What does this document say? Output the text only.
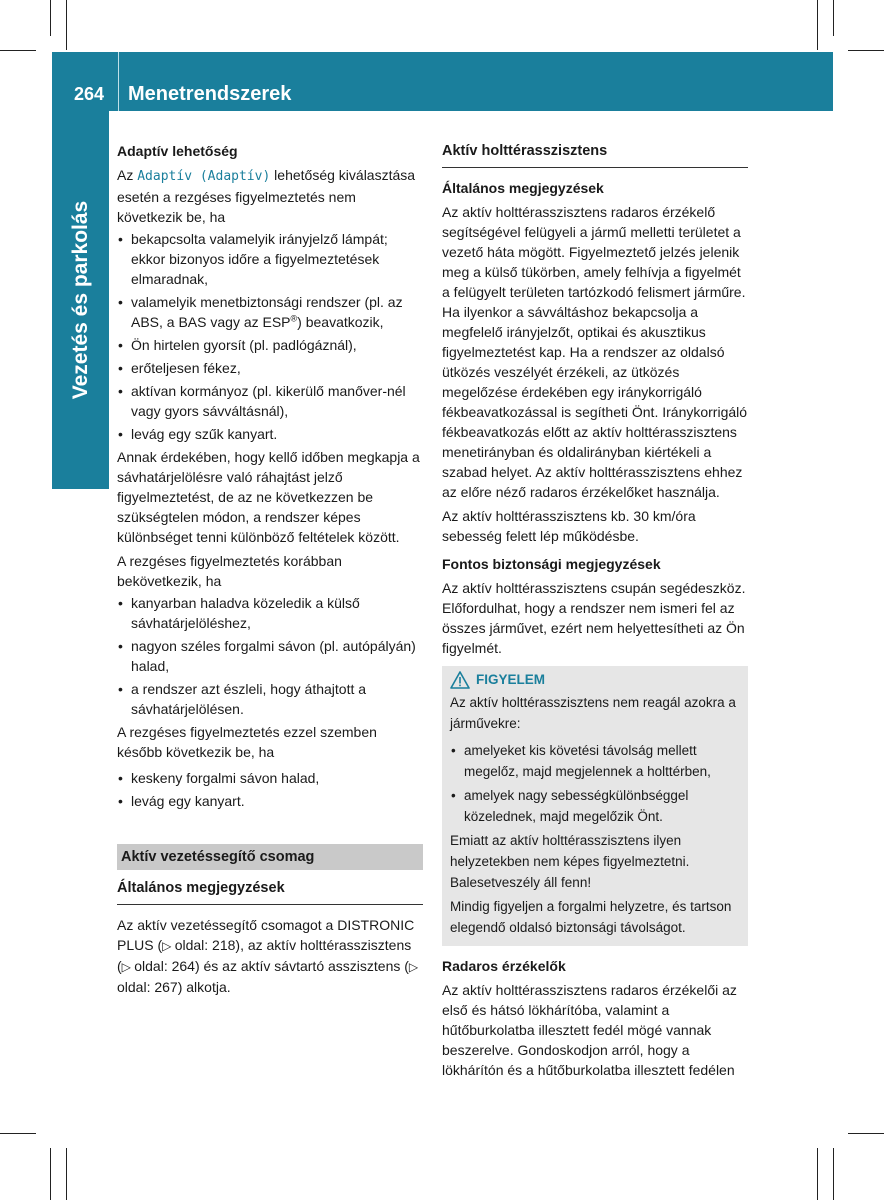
264 Menetrendszerek
Vezetés és parkolás

Adaptív lehetőség

Az Adaptív (Adaptív) lehetőség kiválasztása esetén a rezgéses figyelmeztetés nem következik be, ha

• bekapcsolta valamelyik irányjelző lámpát; ekkor bizonyos időre a figyelmeztetések elmaradnak,
• valamelyik menetbiztonsági rendszer (pl. az ABS, a BAS vagy az ESP®) beavatkozik,
• Ön hirtelen gyorsít (pl. padlógáznál),
• erőteljesen fékez,
• aktívan kormányoz (pl. kikerülő manőver-nél vagy gyors sávváltásnál),
• levág egy szűk kanyart.

Annak érdekében, hogy kellő időben megkapja a sávhatárjelölésre való ráhajtást jelző figyelmeztetést, de az ne következzen be szükségtelen módon, a rendszer képes különbséget tenni különböző feltételek között.

A rezgéses figyelmeztetés korábban bekövetkezik, ha

• kanyarban haladva közeledik a külső sávhatárjelöléshez,
• nagyon széles forgalmi sávon (pl. autópályán) halad,
• a rendszer azt észleli, hogy áthajtott a sávhatárjelölésen.

A rezgéses figyelmeztetés ezzel szemben később következik be, ha

• keskeny forgalmi sávon halad,
• levág egy kanyart.
Aktív vezetéssegítő csomag
Általános megjegyzések

Az aktív vezetéssegítő csomagot a DISTRONIC PLUS (▷ oldal: 218), az aktív holttérasszisztens (▷ oldal: 264) és az aktív sávtartó asszisztens (▷ oldal: 267) alkotja.

Aktív holttérasszisztens

Általános megjegyzések

Az aktív holttérasszisztens radaros érzékelő segítségével felügyeli a jármű melletti területet a vezető háta mögött. Figyelmeztető jelzés jelenik meg a külső tükörben, amely felhívja a figyelmét a felügyelt területen tartózkodó felismert járműre. Ha ilyenkor a sávváltáshoz bekapcsolja a megfelelő irányjelzőt, optikai és akusztikus figyelmeztetést kap. Ha a rendszer az oldalsó ütközés veszélyét érzékeli, az ütközés megelőzése érdekében egy iránykorrigáló fékbeavatkozással is segítheti Önt. Iránykorrigáló fékbeavatkozás előtt az aktív holttérasszisztens menetirányban és oldalirányban kiértékeli a szabad helyet. Az aktív holttérasszisztens ehhez az előre néző radaros érzékelőket használja.

Az aktív holttérasszisztens kb. 30 km/óra sebesség felett lép működésbe.

Fontos biztonsági megjegyzések

Az aktív holttérasszisztens csupán segédeszköz. Előfordulhat, hogy a rendszer nem ismeri fel az összes járművet, ezért nem helyettesítheti az Ön figyelmét.

FIGYELEM

Az aktív holttérasszisztens nem reagál azokra a járművekre:

• amelyeket kis követési távolság mellett megelőz, majd megjelennek a holttérben,
• amelyek nagy sebességkülönbséggel közelednek, majd megelőzik Önt.

Emiatt az aktív holttérasszisztens ilyen helyzetekben nem képes figyelmeztetni. Balesetveszély áll fenn!

Mindig figyeljen a forgalmi helyzetre, és tartson elegendő oldalsó biztonsági távolságot.

Radaros érzékelők

Az aktív holttérasszisztens radaros érzékelői az első és hátsó lökhárítóba, valamint a hűtőburkolatba illesztett fedél mögé vannak beszerelve. Gondoskodjon arról, hogy a lökhárítón és a hűtőburkolatba illesztett fedélen
